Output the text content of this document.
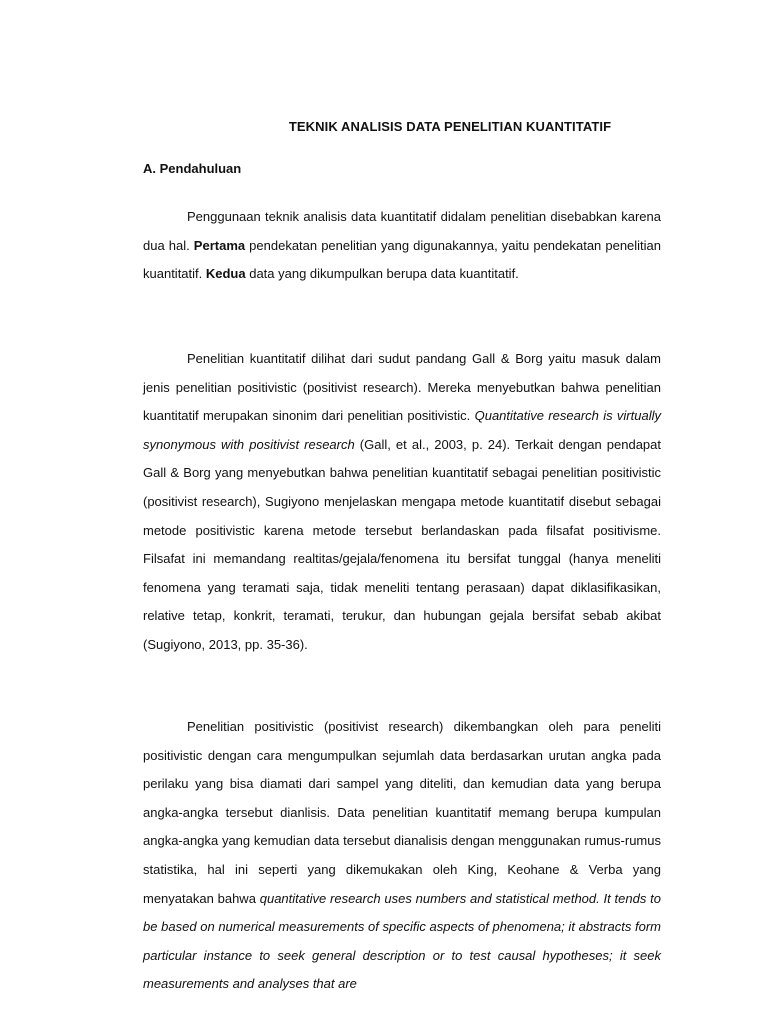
TEKNIK ANALISIS DATA PENELITIAN KUANTITATIF
A. Pendahuluan
Penggunaan teknik analisis data kuantitatif didalam penelitian disebabkan karena dua hal. Pertama pendekatan penelitian yang digunakannya, yaitu pendekatan penelitian kuantitatif. Kedua data yang dikumpulkan berupa data kuantitatif.
Penelitian kuantitatif dilihat dari sudut pandang Gall & Borg yaitu masuk dalam jenis penelitian positivistic (positivist research). Mereka menyebutkan bahwa penelitian kuantitatif merupakan sinonim dari penelitian positivistic. Quantitative research is virtually synonymous with positivist research (Gall, et al., 2003, p. 24). Terkait dengan pendapat Gall & Borg yang menyebutkan bahwa penelitian kuantitatif sebagai penelitian positivistic (positivist research), Sugiyono menjelaskan mengapa metode kuantitatif disebut sebagai metode positivistic karena metode tersebut berlandaskan pada filsafat positivisme. Filsafat ini memandang realtitas/gejala/fenomena itu bersifat tunggal (hanya meneliti fenomena yang teramati saja, tidak meneliti tentang perasaan) dapat diklasifikasikan, relative tetap, konkrit, teramati, terukur, dan hubungan gejala bersifat sebab akibat (Sugiyono, 2013, pp. 35-36).
Penelitian positivistic (positivist research) dikembangkan oleh para peneliti positivistic dengan cara mengumpulkan sejumlah data berdasarkan urutan angka pada perilaku yang bisa diamati dari sampel yang diteliti, dan kemudian data yang berupa angka-angka tersebut dianlisis. Data penelitian kuantitatif memang berupa kumpulan angka-angka yang kemudian data tersebut dianalisis dengan menggunakan rumus-rumus statistika, hal ini seperti yang dikemukakan oleh King, Keohane & Verba yang menyatakan bahwa quantitative research uses numbers and statistical method. It tends to be based on numerical measurements of specific aspects of phenomena; it abstracts form particular instance to seek general description or to test causal hypotheses; it seek measurements and analyses that are
